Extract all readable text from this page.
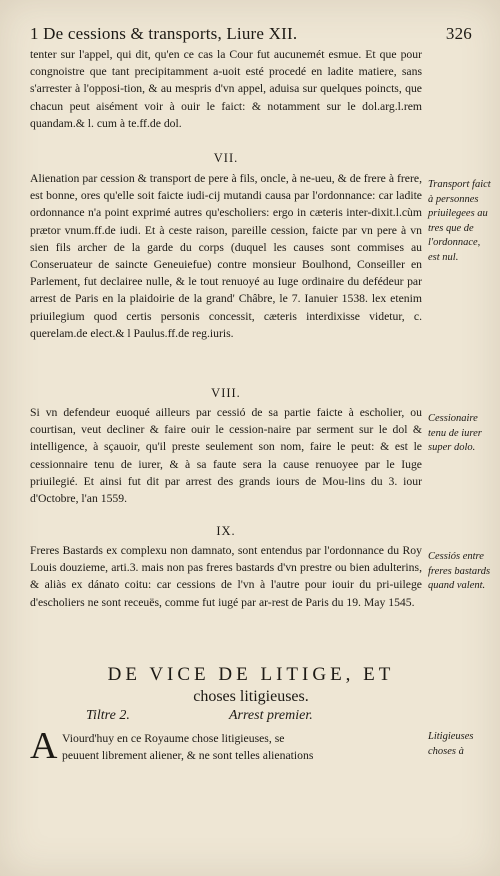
1 De cessions & transports, Liure XII.	326

tenter sur l'appel, qui dit, qu'en ce cas la Cour fut aucunemét esmue. Et que pour congnoistre que tant precipitamment a-uoit esté procedé en ladite matiere, sans s'arrester à l'opposi-tion, & au mespris d'vn appel, aduisa sur quelques poincts, que chacun peut aisément voir à ouir le faict: & notamment sur le dol.arg.l.rem quandam.& l. cum à te.ff.de dol.

VII.

Alienation par cession & transport de pere à fils, oncle, à ne-ueu, & de frere à frere, est bonne, ores qu'elle soit faicte iudi-cij mutandi causa par l'ordonnance: car ladite ordonnance n'a point exprimé autres qu'escholiers: ergo in cæteris inter-dixit.l.cùm prætor vnum.ff.de iudi. Et à ceste raison, pareille cession, faicte par vn pere à vn sien fils archer de la garde du corps (duquel les causes sont commises au Conseruateur de saincte Geneuiefue) contre monsieur Boulhond, Conseiller en Parlement, fut declairee nulle, & le tout renuoyé au Iuge ordinaire du defédeur par arrest de Paris en la plaidoirie de la grand' Châbre, le 7. Ianuier 1538. lex etenim priuilegium quod certis personis concessit, cæteris interdixisse videtur, c. querelam.de elect.& l Paulus.ff.de reg.iuris.

Transport faict à personnes priuilegees au tres que de l'ordonnace, est nul.
VIII.

Si vn defendeur euoqué ailleurs par cessió de sa partie faicte à escholier, ou courtisan, veut decliner & faire ouir le cession-naire par serment sur le dol & intelligence, à sçauoir, qu'il preste seulement son nom, faire le peut: & est le cessionnaire tenu de iurer, & à sa faute sera la cause renuoyee par le Iuge priuilegié. Et ainsi fut dit par arrest des grands iours de Mou-lins du 3. iour d'Octobre, l'an 1559.

Cessionaire tenu de iurer super dolo.
IX.

Freres Bastards ex complexu non damnato, sont entendus par l'ordonnance du Roy Louis douzieme, arti.3. mais non pas freres bastards d'vn prestre ou bien adulterins, & aliàs ex dánato coitu: car cessions de l'vn à l'autre pour iouir du pri-uilege d'escholiers ne sont receuës, comme fut iugé par ar-rest de Paris du 19. May 1545.

Cessiós entre freres bastards quand valent.
DE VICE DE LITIGE, ET
choses litigieuses.
Tiltre 2.	Arrest premier.
A Viourd'huy en ce Royaume chose litigieuses, se
peuuent librement aliener, & ne sont telles alienations
Litigieuses choses à
